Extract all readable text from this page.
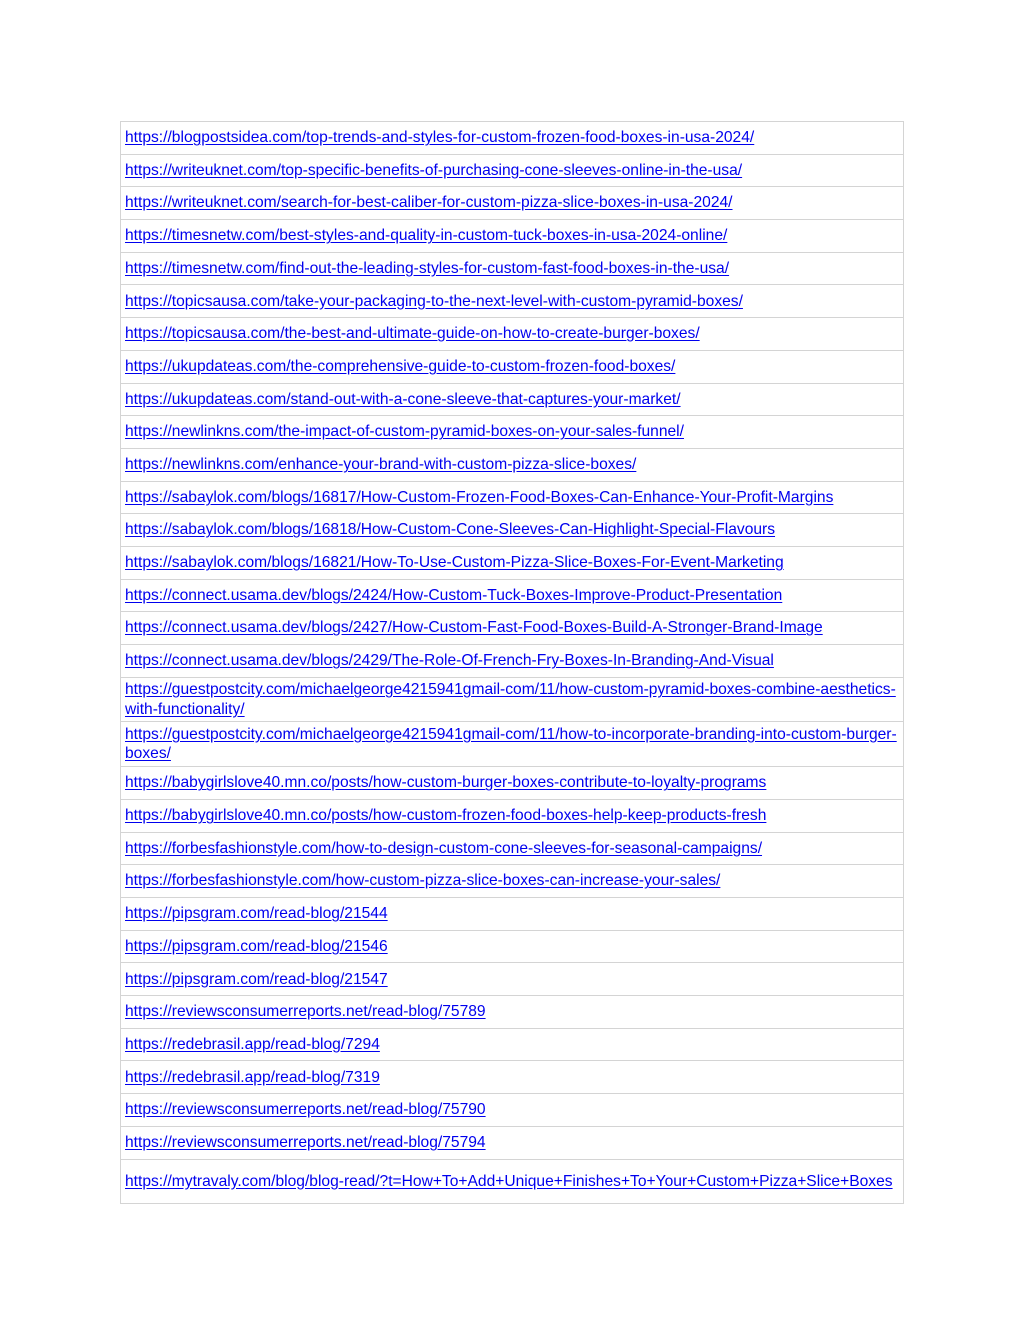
https://blogpostsidea.com/top-trends-and-styles-for-custom-frozen-food-boxes-in-usa-2024/
https://writeuknet.com/top-specific-benefits-of-purchasing-cone-sleeves-online-in-the-usa/
https://writeuknet.com/search-for-best-caliber-for-custom-pizza-slice-boxes-in-usa-2024/
https://timesnetw.com/best-styles-and-quality-in-custom-tuck-boxes-in-usa-2024-online/
https://timesnetw.com/find-out-the-leading-styles-for-custom-fast-food-boxes-in-the-usa/
https://topicsausa.com/take-your-packaging-to-the-next-level-with-custom-pyramid-boxes/
https://topicsausa.com/the-best-and-ultimate-guide-on-how-to-create-burger-boxes/
https://ukupdateas.com/the-comprehensive-guide-to-custom-frozen-food-boxes/
https://ukupdateas.com/stand-out-with-a-cone-sleeve-that-captures-your-market/
https://newlinkns.com/the-impact-of-custom-pyramid-boxes-on-your-sales-funnel/
https://newlinkns.com/enhance-your-brand-with-custom-pizza-slice-boxes/
https://sabaylok.com/blogs/16817/How-Custom-Frozen-Food-Boxes-Can-Enhance-Your-Profit-Margins
https://sabaylok.com/blogs/16818/How-Custom-Cone-Sleeves-Can-Highlight-Special-Flavours
https://sabaylok.com/blogs/16821/How-To-Use-Custom-Pizza-Slice-Boxes-For-Event-Marketing
https://connect.usama.dev/blogs/2424/How-Custom-Tuck-Boxes-Improve-Product-Presentation
https://connect.usama.dev/blogs/2427/How-Custom-Fast-Food-Boxes-Build-A-Stronger-Brand-Image
https://connect.usama.dev/blogs/2429/The-Role-Of-French-Fry-Boxes-In-Branding-And-Visual
https://guestpostcity.com/michaelgeorge4215941gmail-com/11/how-custom-pyramid-boxes-combine-aesthetics-with-functionality/
https://guestpostcity.com/michaelgeorge4215941gmail-com/11/how-to-incorporate-branding-into-custom-burger-boxes/
https://babygirlslove40.mn.co/posts/how-custom-burger-boxes-contribute-to-loyalty-programs
https://babygirlslove40.mn.co/posts/how-custom-frozen-food-boxes-help-keep-products-fresh
https://forbesfashionstyle.com/how-to-design-custom-cone-sleeves-for-seasonal-campaigns/
https://forbesfashionstyle.com/how-custom-pizza-slice-boxes-can-increase-your-sales/
https://pipsgram.com/read-blog/21544
https://pipsgram.com/read-blog/21546
https://pipsgram.com/read-blog/21547
https://reviewsconsumerreports.net/read-blog/75789
https://redebrasil.app/read-blog/7294
https://redebrasil.app/read-blog/7319
https://reviewsconsumerreports.net/read-blog/75790
https://reviewsconsumerreports.net/read-blog/75794
https://mytravaly.com/blog/blog-read/?t=How+To+Add+Unique+Finishes+To+Your+Custom+Pizza+Slice+Boxes
